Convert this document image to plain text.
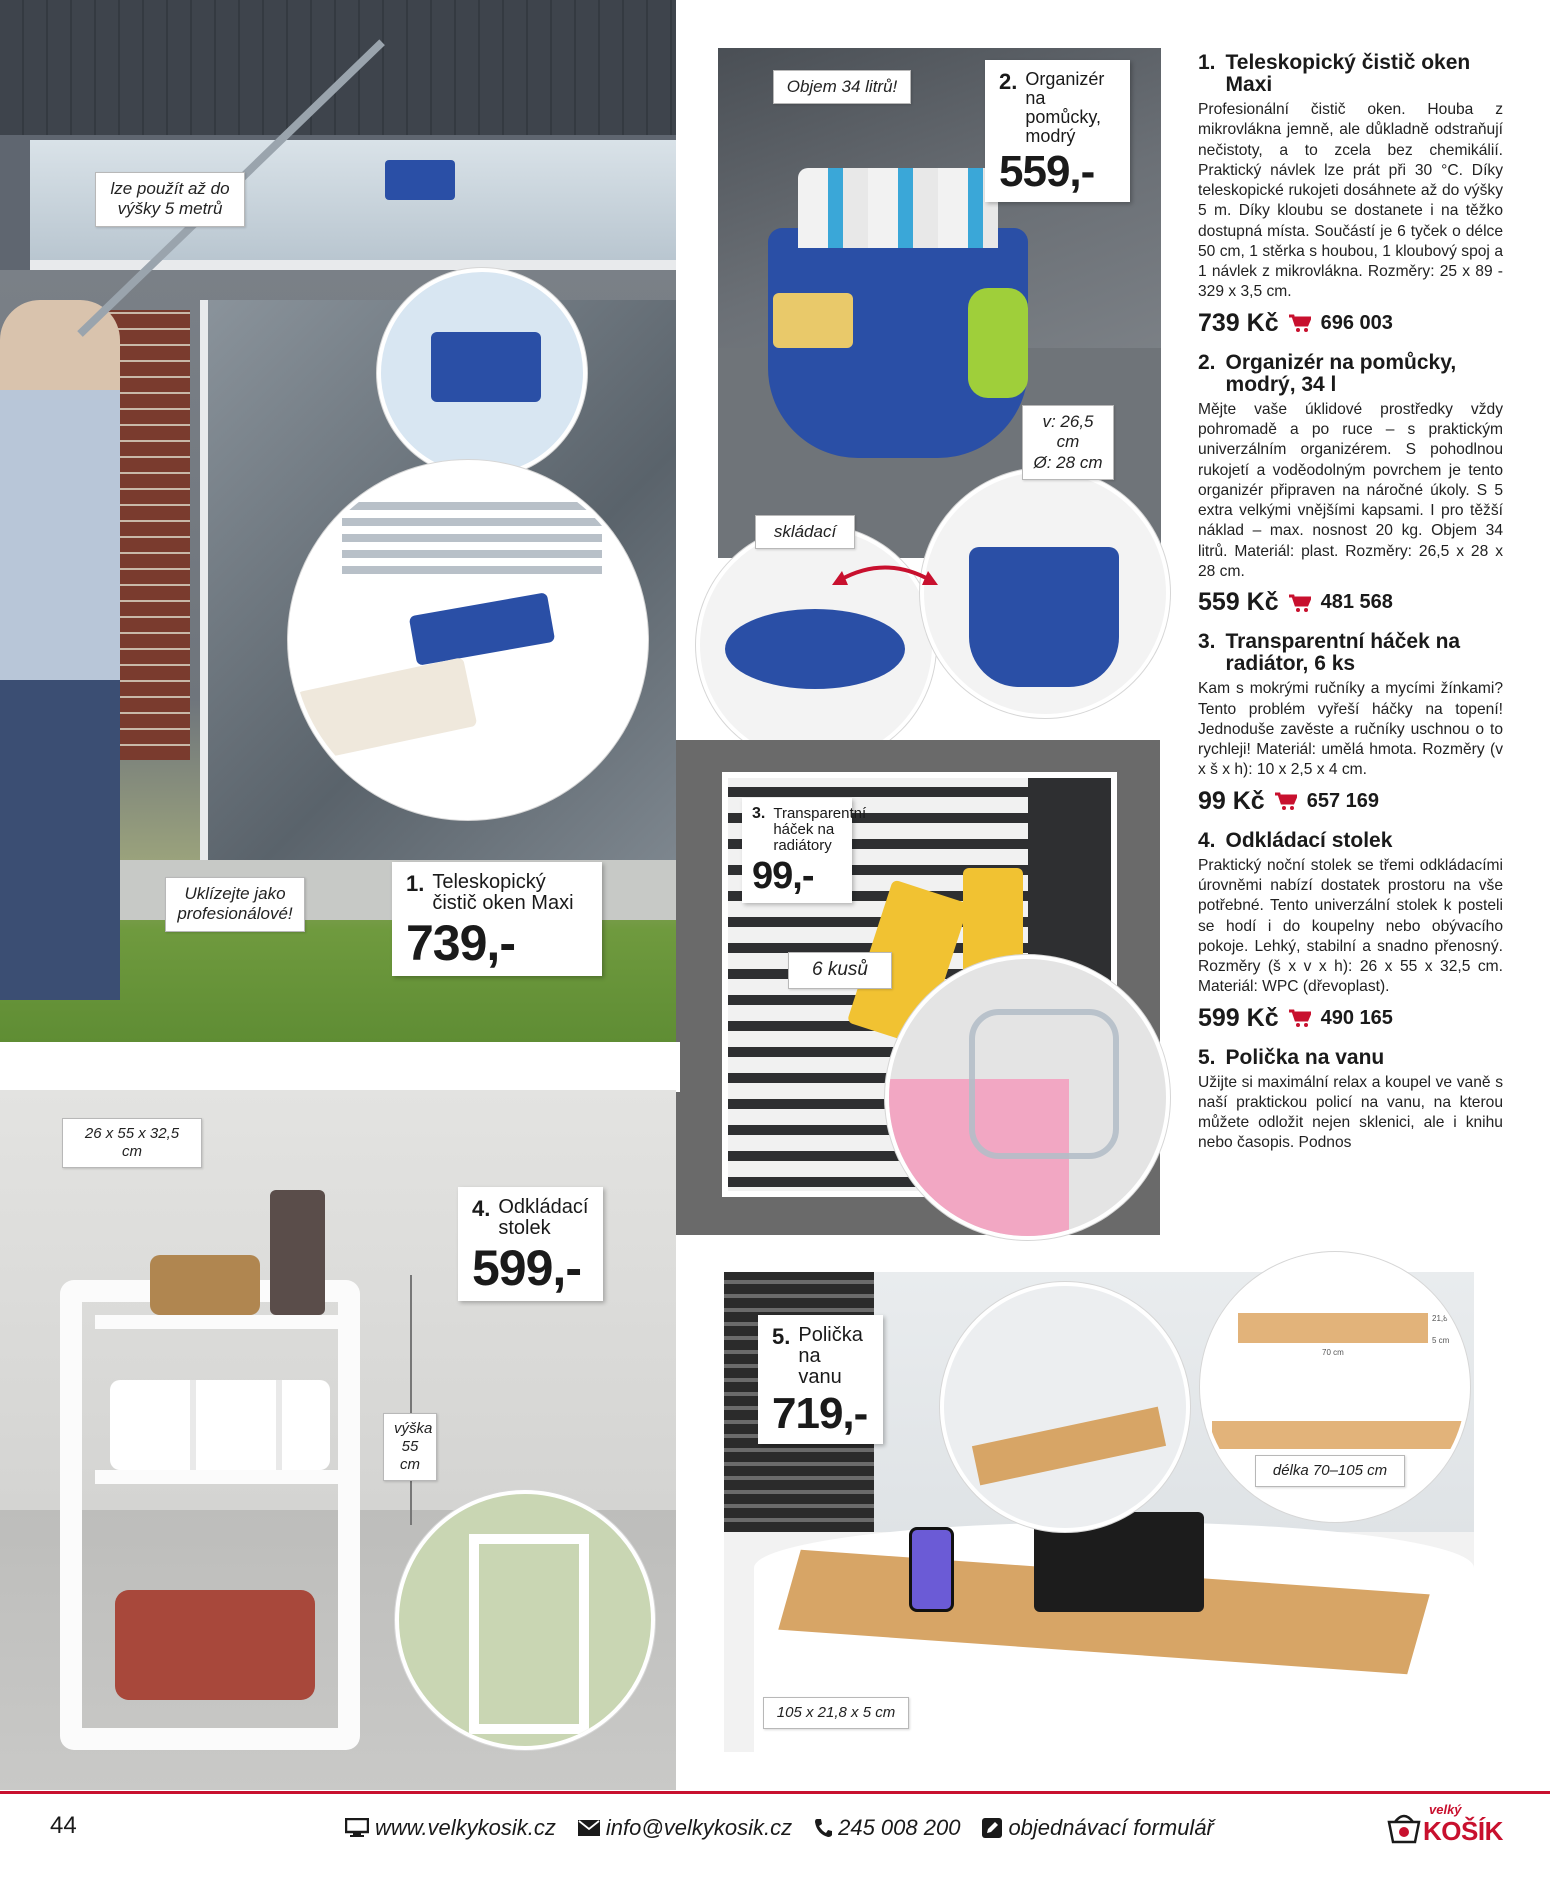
lze použít až do výšky 5 metrů
Uklízejte jako profesionálové!
1. Teleskopický čistič oken Maxi
739,-
Objem 34 litrů!
v: 26,5 cm
Ø: 28 cm
skládací
2. Organizér na pomůcky, modrý
559,-
3. Transparentní háček na radiátory
99,-
6 kusů
26 x 55 x 32,5 cm
výška 55 cm
4. Odkládací stolek
599,-
21,8 cm
5 cm
70 cm
5. Polička na vanu
719,-
délka 70–105 cm
105 x 21,8 x 5 cm
1. Teleskopický čistič oken Maxi

Profesionální čistič oken. Houba z mikrovlákna jemně, ale důkladně odstraňují nečistoty, a to zcela bez chemikálií. Praktický návlek lze prát při 30 °C. Díky teleskopické rukojeti dosáhnete až do výšky 5 m. Díky kloubu se dostanete i na těžko dostupná místa. Součástí je 6 tyček o délce 50 cm, 1 stěrka s houbou, 1 kloubový spoj a 1 návlek z mikrovlákna. Rozměry: 25 x 89 - 329 x 3,5 cm.

739 Kč 696 003
2. Organizér na pomůcky, modrý, 34 l

Mějte vaše úklidové prostředky vždy pohromadě a po ruce – s praktickým univerzálním organizérem. S pohodlnou rukojetí a voděodolným povrchem je tento organizér připraven na náročné úkoly. S 5 extra velkými vnějšími kapsami. I pro těžší náklad – max. nosnost 20 kg. Objem 34 litrů. Materiál: plast. Rozměry: 26,5 x 28 x 28 cm.

559 Kč 481 568
3. Transparentní háček na radiátor, 6 ks

Kam s mokrými ručníky a mycími žínkami? Tento problém vyřeší háčky na topení! Jednoduše zavěste a ručníky uschnou o to rychleji! Materiál: umělá hmota. Rozměry (v x š x h): 10 x 2,5 x 4 cm.

99 Kč 657 169
4. Odkládací stolek

Praktický noční stolek se třemi odkládacími úrovněmi nabízí dostatek prostoru na vše potřebné. Tento univerzální stolek k posteli se hodí i do koupelny nebo obývacího pokoje. Lehký, stabilní a snadno přenosný. Rozměry (š x v x h): 26 x 55 x 32,5 cm. Materiál: WPC (dřevoplast).

599 Kč 490 165
5. Polička na vanu

Užijte si maximální relax a koupel ve vaně s naší praktickou policí na vanu, na kterou můžete odložit nejen sklenici, ale i knihu nebo časopis. Podnos

44	www.velkykosik.cz info@velkykosik.cz 245 008 200 objednávací formulář
velký
KOŠÍK
